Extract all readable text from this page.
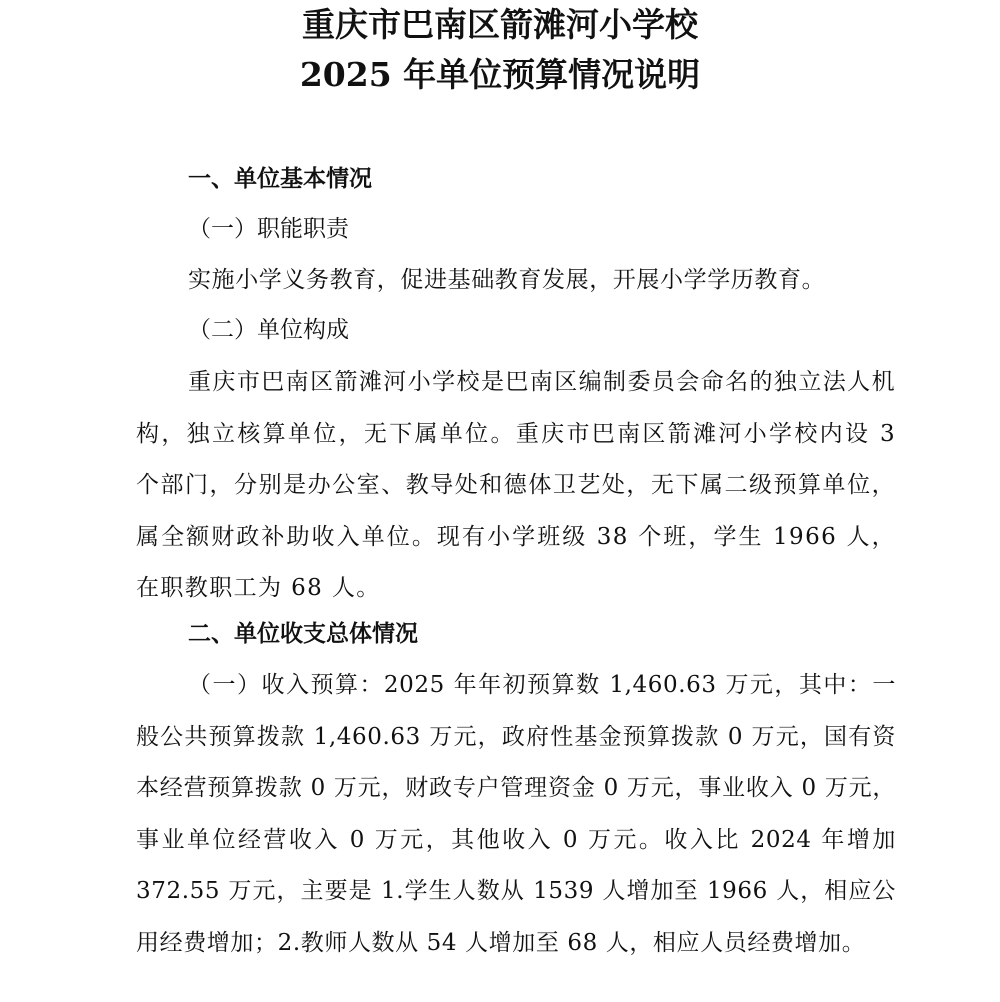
重庆市巴南区箭滩河小学校
2025 年单位预算情况说明
一、单位基本情况
（一）职能职责
实施小学义务教育，促进基础教育发展，开展小学学历教育。
（二）单位构成
重庆市巴南区箭滩河小学校是巴南区编制委员会命名的独立法人机构，独立核算单位，无下属单位。重庆市巴南区箭滩河小学校内设 3 个部门，分别是办公室、教导处和德体卫艺处，无下属二级预算单位，属全额财政补助收入单位。现有小学班级 38 个班，学生 1966 人，在职教职工为 68 人。
二、单位收支总体情况
（一）收入预算：2025 年年初预算数 1,460.63 万元，其中：一般公共预算拨款 1,460.63 万元，政府性基金预算拨款 0 万元，国有资本经营预算拨款 0 万元，财政专户管理资金 0 万元，事业收入 0 万元，事业单位经营收入 0 万元，其他收入 0 万元。收入比 2024 年增加 372.55 万元，主要是 1.学生人数从 1539 人增加至 1966 人，相应公用经费增加；2.教师人数从 54 人增加至 68 人，相应人员经费增加。
